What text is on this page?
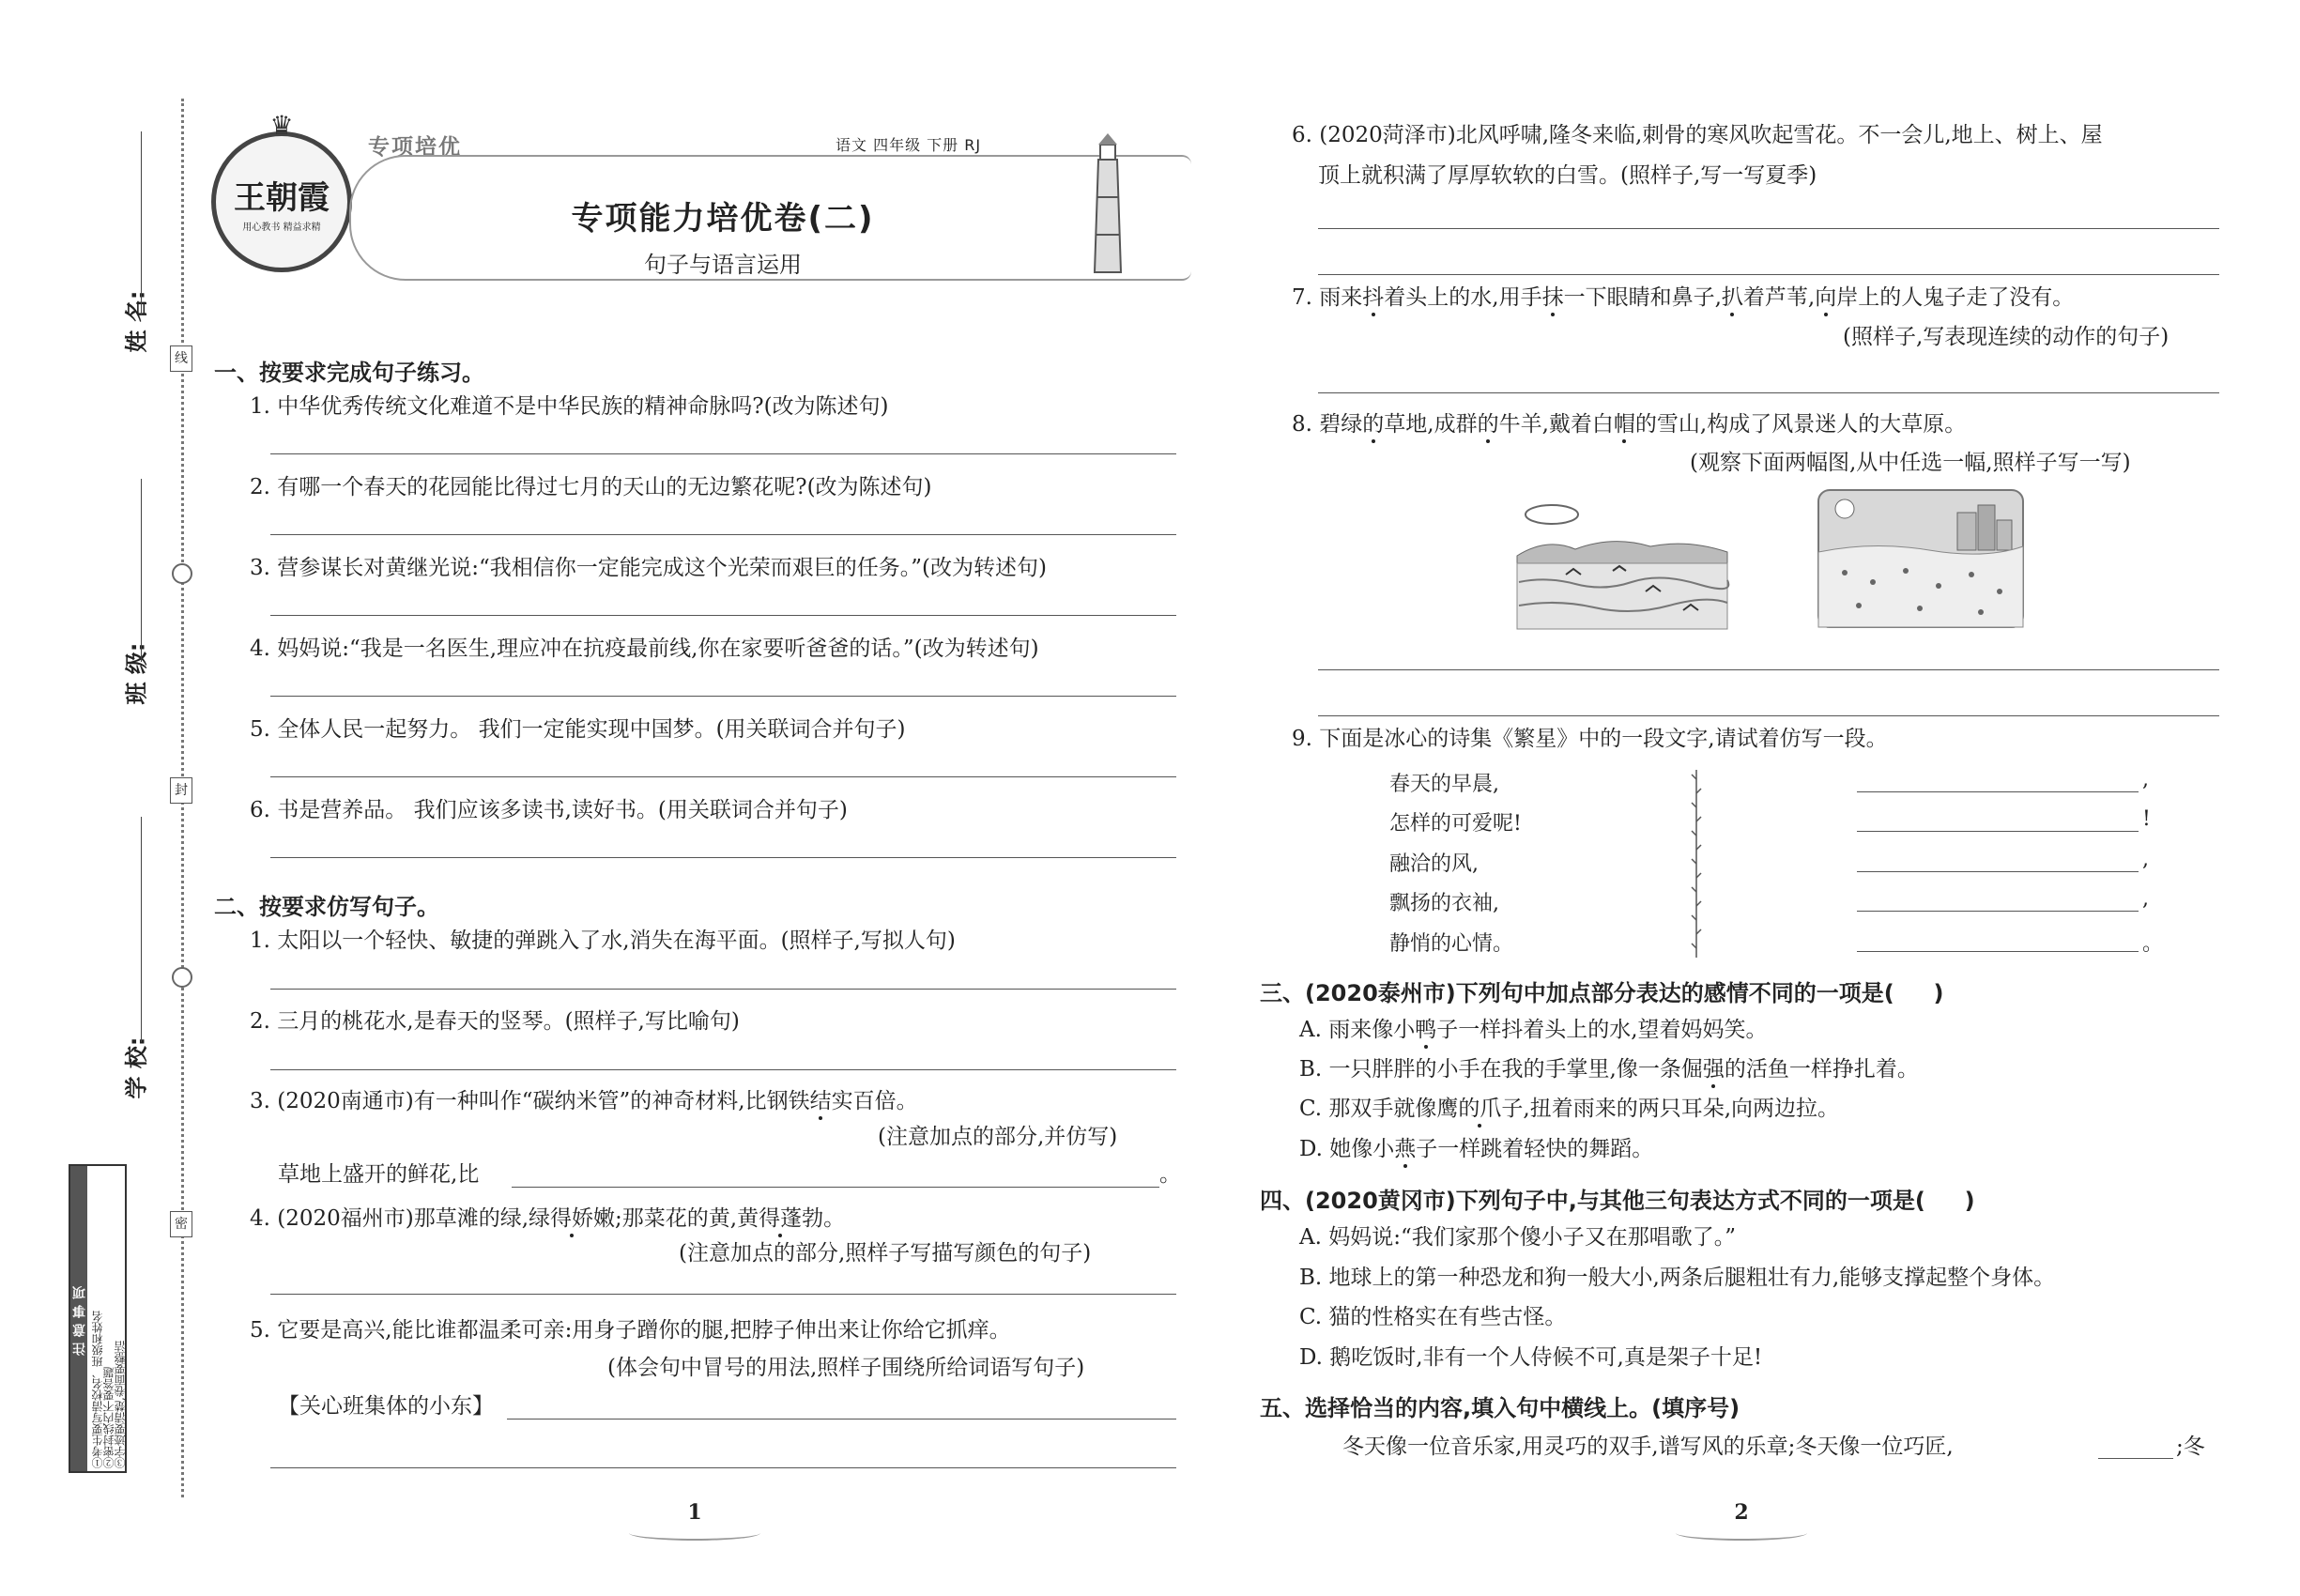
线
封
密
姓 名:
班 级:
学 校:
注意事项 ①考生要写清校名、班级和姓名
②密封线内不要答题
③字迹要清楚,卷面要整洁
♛
王朝霞
用心教书 精益求精
专项培优	语文 四年级 下册 RJ
专项能力培优卷(二)
句子与语言运用
一、按要求完成句子练习。
1. 中华优秀传统文化难道不是中华民族的精神命脉吗?(改为陈述句)
2. 有哪一个春天的花园能比得过七月的天山的无边繁花呢?(改为陈述句)
3. 营参谋长对黄继光说:“我相信你一定能完成这个光荣而艰巨的任务。”(改为转述句)
4. 妈妈说:“我是一名医生,理应冲在抗疫最前线,你在家要听爸爸的话。”(改为转述句)
5. 全体人民一起努力。 我们一定能实现中国梦。(用关联词合并句子)
6. 书是营养品。 我们应该多读书,读好书。(用关联词合并句子)
二、按要求仿写句子。
1. 太阳以一个轻快、敏捷的弹跳入了水,消失在海平面。(照样子,写拟人句)
2. 三月的桃花水,是春天的竖琴。(照样子,写比喻句)
3. (2020南通市)有一种叫作“碳纳米管”的神奇材料,比钢铁结实百倍。
(注意加点的部分,并仿写)
草地上盛开的鲜花,比	。
4. (2020福州市)那草滩的绿,绿得娇嫩;那菜花的黄,黄得蓬勃。
(注意加点的部分,照样子写描写颜色的句子)
5. 它要是高兴,能比谁都温柔可亲:用身子蹭你的腿,把脖子伸出来让你给它抓痒。
(体会句中冒号的用法,照样子围绕所给词语写句子)
【关心班集体的小东】
1
6. (2020菏泽市)北风呼啸,隆冬来临,刺骨的寒风吹起雪花。不一会儿,地上、树上、屋
顶上就积满了厚厚软软的白雪。(照样子,写一写夏季)
7. 雨来抖着头上的水,用手抹一下眼睛和鼻子,扒着芦苇,向岸上的人鬼子走了没有。
(照样子,写表现连续的动作的句子)
8. 碧绿的草地,成群的牛羊,戴着白帽的雪山,构成了风景迷人的大草原。
(观察下面两幅图,从中任选一幅,照样子写一写)
9. 下面是冰心的诗集《繁星》中的一段文字,请试着仿写一段。
春天的早晨,
怎样的可爱呢!
融洽的风,
飘扬的衣袖,
静悄的心情。
,
!
,
,
。
三、(2020泰州市)下列句中加点部分表达的感情不同的一项是(     )
A. 雨来像小鸭子一样抖着头上的水,望着妈妈笑。
B. 一只胖胖的小手在我的手掌里,像一条倔强的活鱼一样挣扎着。
C. 那双手就像鹰的爪子,扭着雨来的两只耳朵,向两边拉。
D. 她像小燕子一样跳着轻快的舞蹈。
四、(2020黄冈市)下列句子中,与其他三句表达方式不同的一项是(     )
A. 妈妈说:“我们家那个傻小子又在那唱歌了。”
B. 地球上的第一种恐龙和狗一般大小,两条后腿粗壮有力,能够支撑起整个身体。
C. 猫的性格实在有些古怪。
D. 鹅吃饭时,非有一个人侍候不可,真是架子十足!
五、选择恰当的内容,填入句中横线上。(填序号)
冬天像一位音乐家,用灵巧的双手,谱写风的乐章;冬天像一位巧匠,	;冬
2
